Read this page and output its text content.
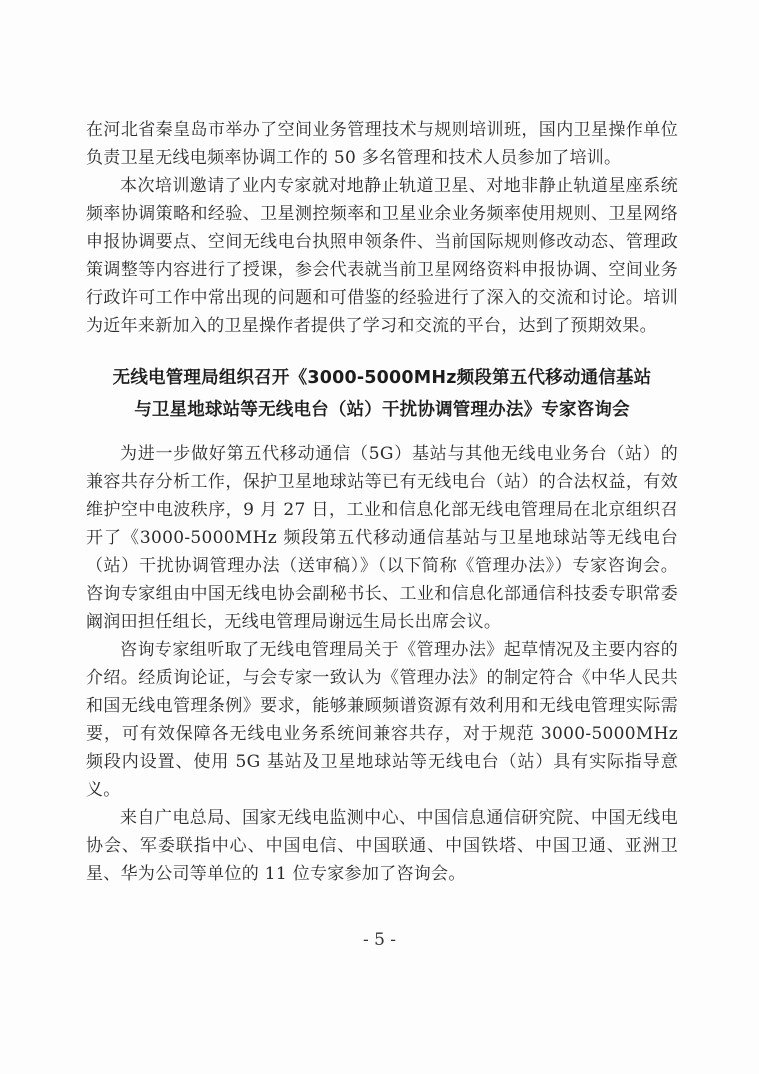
在河北省秦皇岛市举办了空间业务管理技术与规则培训班，国内卫星操作单位负责卫星无线电频率协调工作的 50 多名管理和技术人员参加了培训。

本次培训邀请了业内专家就对地静止轨道卫星、对地非静止轨道星座系统频率协调策略和经验、卫星测控频率和卫星业余业务频率使用规则、卫星网络申报协调要点、空间无线电台执照申领条件、当前国际规则修改动态、管理政策调整等内容进行了授课，参会代表就当前卫星网络资料申报协调、空间业务行政许可工作中常出现的问题和可借鉴的经验进行了深入的交流和讨论。培训为近年来新加入的卫星操作者提供了学习和交流的平台，达到了预期效果。

无线电管理局组织召开《3000-5000MHz频段第五代移动通信基站
与卫星地球站等无线电台（站）干扰协调管理办法》专家咨询会

为进一步做好第五代移动通信（5G）基站与其他无线电业务台（站）的兼容共存分析工作，保护卫星地球站等已有无线电台（站）的合法权益，有效维护空中电波秩序，9 月 27 日，工业和信息化部无线电管理局在北京组织召开了《3000-5000MHz 频段第五代移动通信基站与卫星地球站等无线电台（站）干扰协调管理办法（送审稿）》（以下简称《管理办法》）专家咨询会。咨询专家组由中国无线电协会副秘书长、工业和信息化部通信科技委专职常委阚润田担任组长，无线电管理局谢远生局长出席会议。

咨询专家组听取了无线电管理局关于《管理办法》起草情况及主要内容的介绍。经质询论证，与会专家一致认为《管理办法》的制定符合《中华人民共和国无线电管理条例》要求，能够兼顾频谱资源有效利用和无线电管理实际需要，可有效保障各无线电业务系统间兼容共存，对于规范 3000-5000MHz 频段内设置、使用 5G 基站及卫星地球站等无线电台（站）具有实际指导意义。

来自广电总局、国家无线电监测中心、中国信息通信研究院、中国无线电协会、军委联指中心、中国电信、中国联通、中国铁塔、中国卫通、亚洲卫星、华为公司等单位的 11 位专家参加了咨询会。

- 5 -
